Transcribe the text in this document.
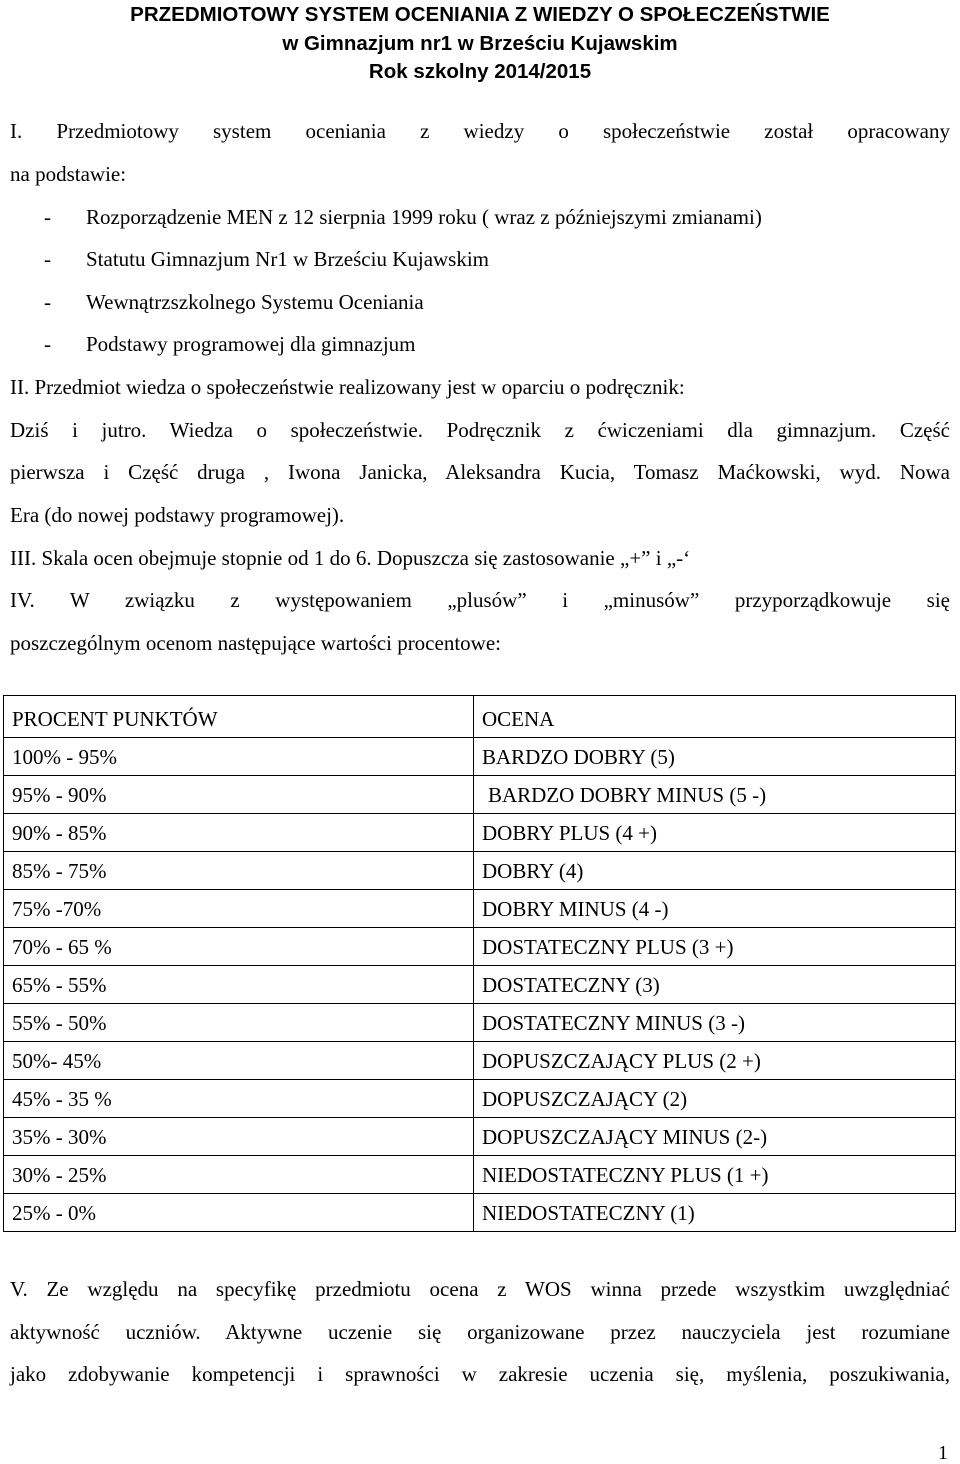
PRZEDMIOTOWY SYSTEM OCENIANIA Z WIEDZY O SPOŁECZEŃSTWIE

w Gimnazjum nr1 w Brześciu Kujawskim

Rok szkolny 2014/2015

I. Przedmiotowy system oceniania z wiedzy o społeczeństwie został opracowany

na podstawie:

- Rozporządzenie MEN z 12 sierpnia 1999 roku ( wraz z późniejszymi zmianami)

- Statutu Gimnazjum Nr1 w Brześciu Kujawskim

- Wewnątrzszkolnego Systemu Oceniania

- Podstawy programowej dla gimnazjum

II. Przedmiot wiedza o społeczeństwie realizowany jest w oparciu o podręcznik:

Dziś i jutro. Wiedza o społeczeństwie. Podręcznik z ćwiczeniami dla gimnazjum. Część

pierwsza i Część druga , Iwona Janicka, Aleksandra Kucia, Tomasz Maćkowski, wyd. Nowa

Era (do nowej podstawy programowej).

III. Skala ocen obejmuje stopnie od 1 do 6. Dopuszcza się zastosowanie „+” i „-‘

IV. W związku z występowaniem „plusów” i „minusów” przyporządkowuje się

poszczególnym ocenom następujące wartości procentowe:

PROCENT PUNKTÓW	OCENA
100% - 95%	BARDZO DOBRY (5)
95% - 90%	BARDZO DOBRY MINUS (5 -)
90% - 85%	DOBRY PLUS (4 +)
85% - 75%	DOBRY (4)
75% -70%	DOBRY MINUS (4 -)
70% - 65 %	DOSTATECZNY PLUS (3 +)
65% - 55%	DOSTATECZNY (3)
55% - 50%	DOSTATECZNY MINUS (3 -)
50%- 45%	DOPUSZCZAJĄCY PLUS (2 +)
45% - 35 %	DOPUSZCZAJĄCY (2)
35% - 30%	DOPUSZCZAJĄCY MINUS (2-)
30% - 25%	NIEDOSTATECZNY PLUS (1 +)
25% - 0%	NIEDOSTATECZNY (1)

V. Ze względu na specyfikę przedmiotu ocena z WOS winna przede wszystkim uwzględniać

aktywność uczniów. Aktywne uczenie się organizowane przez nauczyciela jest rozumiane

jako zdobywanie kompetencji i sprawności w zakresie uczenia się, myślenia, poszukiwania,

1
